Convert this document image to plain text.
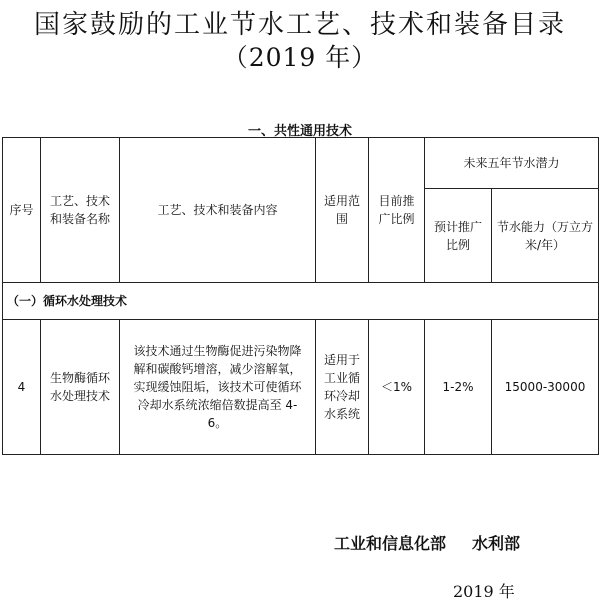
国家鼓励的工业节水工艺、技术和装备目录
（2019 年）
一、共性通用技术
序号	工艺、技术和装备名称	工艺、技术和装备内容	适用范围	目前推广比例	未来五年节水潜力	
					预计推广比例	节水能力（万立方米/年）
（一）循环水处理技术						
4	生物酶循环水处理技术	该技术通过生物酶促进污染物降解和碳酸钙增溶，减少溶解氧， 实现缓蚀阻垢，该技术可使循环冷却水系统浓缩倍数提高至 4-6。	适用于工业循环冷却水系统	＜1%	1-2%	15000-30000
工业和信息化部 水利部
2019 年
